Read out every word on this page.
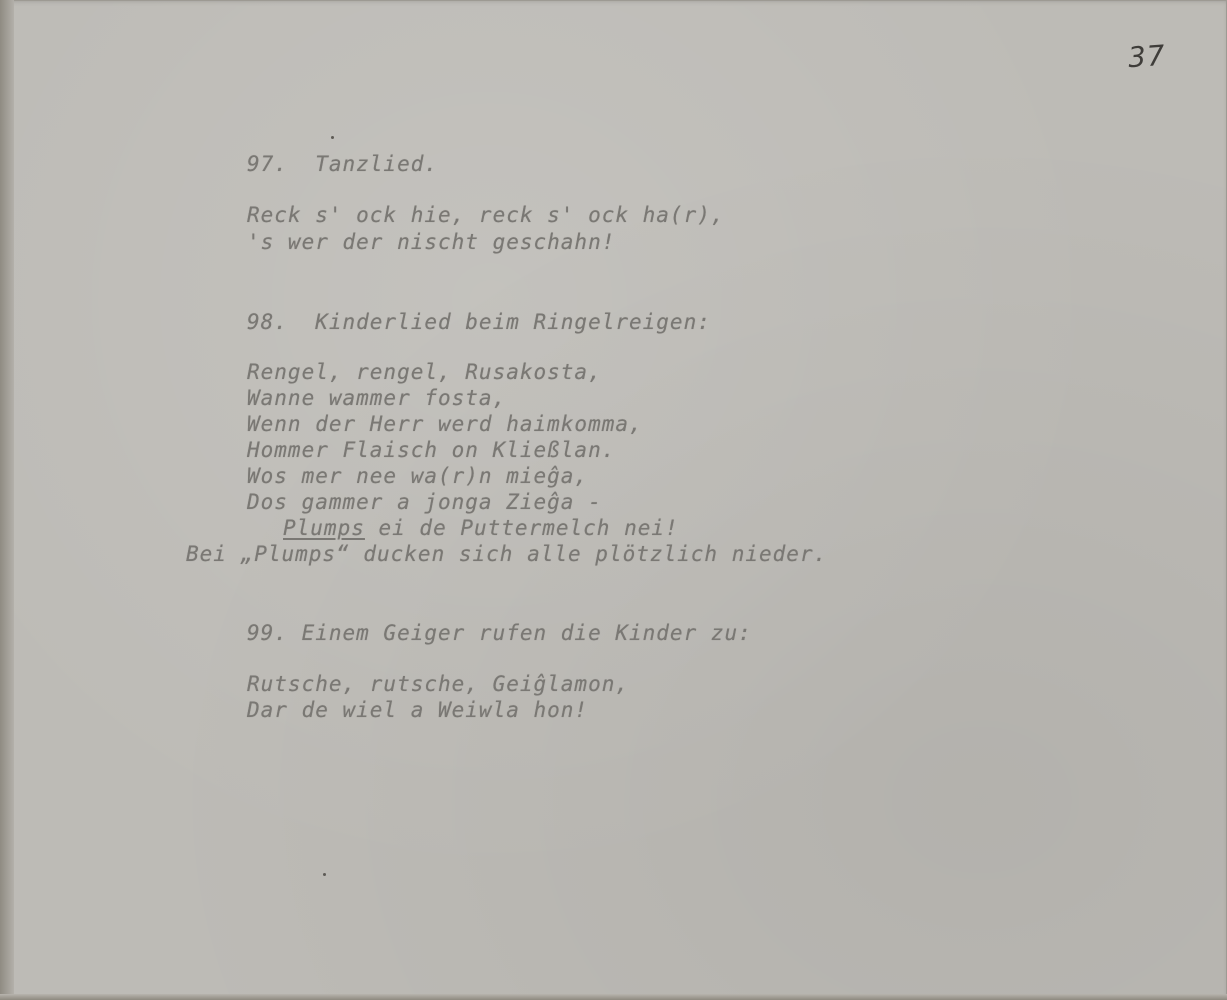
37
97.  Tanzlied.
Reck s' ock hie, reck s' ock ha(r),
's wer der nischt geschahn!
98.  Kinderlied beim Ringelreigen:
Rengel, rengel, Rusakosta,
Wanne wammer fosta,
Wenn der Herr werd haimkomma,
Hommer Flaisch on Kließlan.
Wos mer nee wa(r)n mieĝa,
Dos gammer a jonga Zieĝa -
Plumps ei de Puttermelch nei!
Bei „Plumps“ ducken sich alle plötzlich nieder.
99. Einem Geiger rufen die Kinder zu:
Rutsche, rutsche, Geiĝlamon,
Dar de wiel a Weiwla hon!
